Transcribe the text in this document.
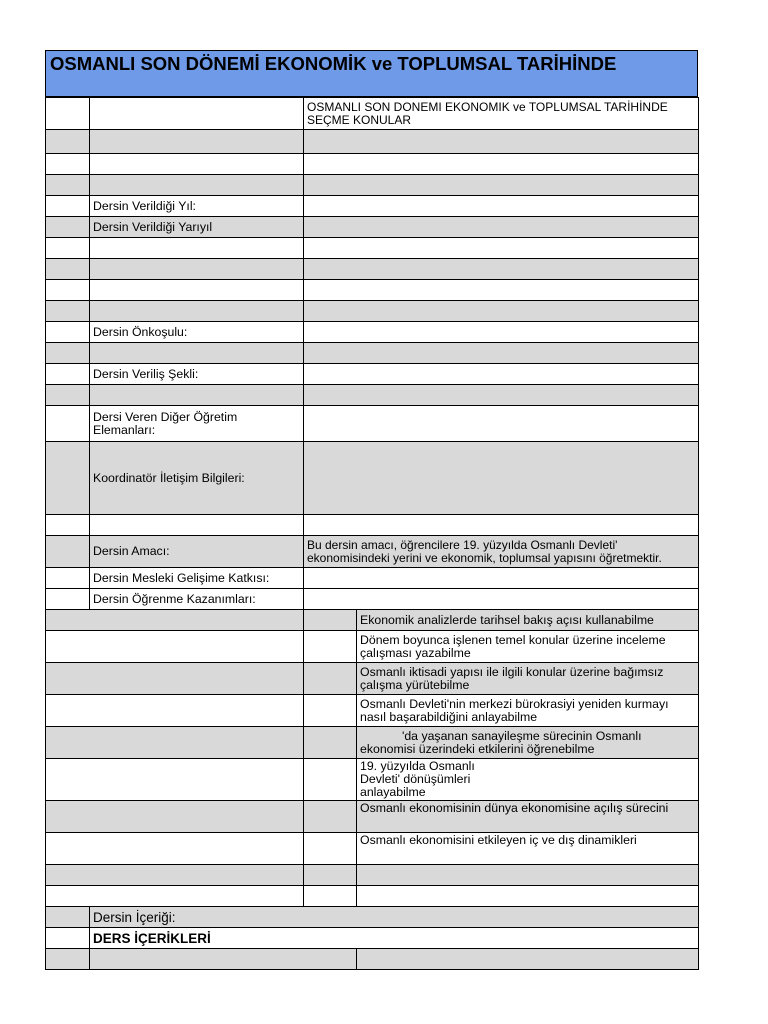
OSMANLI SON DÖNEMİ EKONOMİK ve TOPLUMSAL TARİHİNDE
		OSMANLI SON DONEMI EKONOMIK ve TOPLUMSAL TARİHİNDE SEÇME KONULAR	

	Dersin Verildiği Yıl:		
	Dersin Verildiği Yarıyıl		

	Dersin Önkoşulu:		

	Dersin Veriliş Şekli:		

	Dersi Veren Diğer Öğretim Elemanları:		
	Koordinatör İletişim Bilgileri:		

	Dersin Amacı:	Bu dersin amacı, öğrencilere 19. yüzyılda Osmanlı Devleti' ekonomisindeki yerini ve ekonomik, toplumsal yapısını öğretmektir.	
	Dersin Mesleki Gelişime Katkısı:		
	Dersin Öğrenme Kazanımları:		
			Ekonomik analizlerde tarihsel bakış açısı kullanabilme
			Dönem boyunca işlenen temel konular üzerine inceleme çalışması yazabilme
			Osmanlı iktisadi yapısı ile ilgili konular üzerine bağımsız çalışma yürütebilme
			Osmanlı Devleti'nin merkezi bürokrasiyi yeniden kurmayı nasıl başarabildiğini anlayabilme
			'da yaşanan sanayileşme sürecinin Osmanlı ekonomisi üzerindeki etkilerini öğrenebilme
			19. yüzyılda Osmanlı Devleti' dönüşümleri anlayabilme
			Osmanlı ekonomisinin dünya ekonomisine açılış sürecini
			Osmanlı ekonomisini etkileyen iç ve dış dinamikleri

	Dersin İçeriği:		
	DERS İÇERİKLERİ		
